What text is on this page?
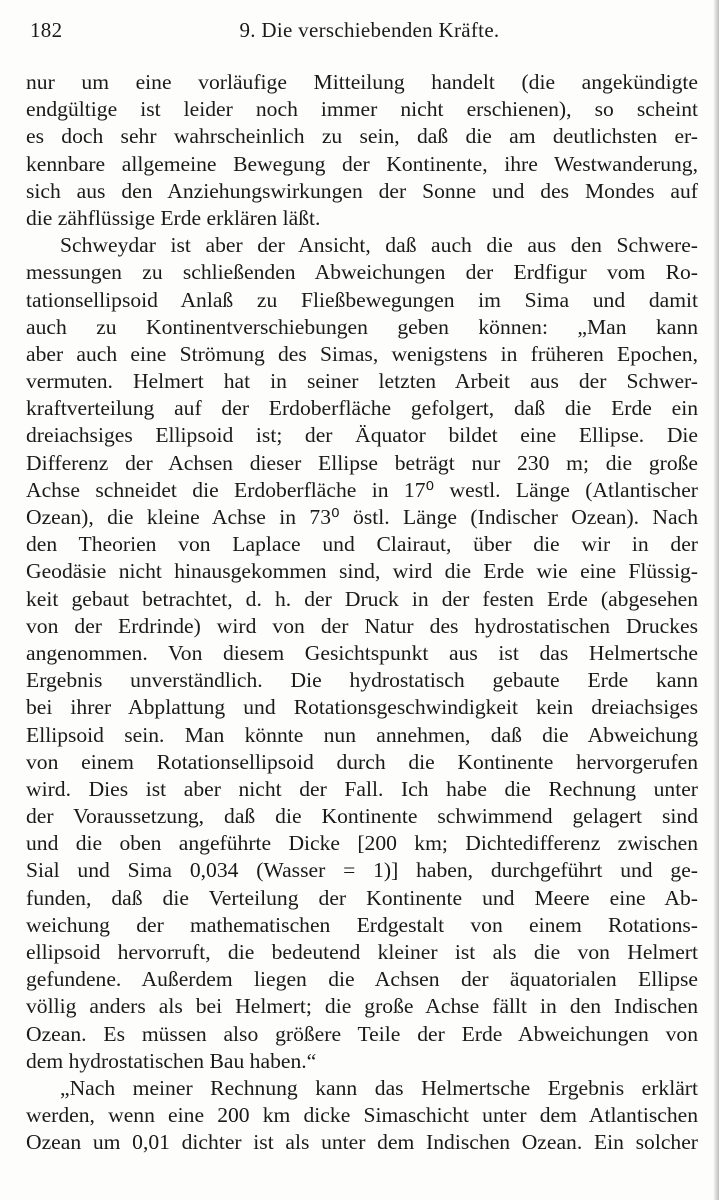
182	9. Die verschiebenden Kräfte.
nur um eine vorläufige Mitteilung handelt (die angekündigte
endgültige ist leider noch immer nicht erschienen), so scheint
es doch sehr wahrscheinlich zu sein, daß die am deutlichsten er-
kennbare allgemeine Bewegung der Kontinente, ihre Westwanderung,
sich aus den Anziehungswirkungen der Sonne und des Mondes auf
die zähflüssige Erde erklären läßt.
Schweydar ist aber der Ansicht, daß auch die aus den Schwere-
messungen zu schließenden Abweichungen der Erdfigur vom Ro-
tationsellipsoid Anlaß zu Fließbewegungen im Sima und damit
auch zu Kontinentverschiebungen geben können: „Man kann
aber auch eine Strömung des Simas, wenigstens in früheren Epochen,
vermuten. Helmert hat in seiner letzten Arbeit aus der Schwer-
kraftverteilung auf der Erdoberfläche gefolgert, daß die Erde ein
dreiachsiges Ellipsoid ist; der Äquator bildet eine Ellipse. Die
Differenz der Achsen dieser Ellipse beträgt nur 230 m; die große
Achse schneidet die Erdoberfläche in 17⁰ westl. Länge (Atlantischer
Ozean), die kleine Achse in 73⁰ östl. Länge (Indischer Ozean). Nach
den Theorien von Laplace und Clairaut, über die wir in der
Geodäsie nicht hinausgekommen sind, wird die Erde wie eine Flüssig-
keit gebaut betrachtet, d. h. der Druck in der festen Erde (abgesehen
von der Erdrinde) wird von der Natur des hydrostatischen Druckes
angenommen. Von diesem Gesichtspunkt aus ist das Helmertsche
Ergebnis unverständlich. Die hydrostatisch gebaute Erde kann
bei ihrer Abplattung und Rotationsgeschwindigkeit kein dreiachsiges
Ellipsoid sein. Man könnte nun annehmen, daß die Abweichung
von einem Rotationsellipsoid durch die Kontinente hervorgerufen
wird. Dies ist aber nicht der Fall. Ich habe die Rechnung unter
der Voraussetzung, daß die Kontinente schwimmend gelagert sind
und die oben angeführte Dicke [200 km; Dichtedifferenz zwischen
Sial und Sima 0,034 (Wasser = 1)] haben, durchgeführt und ge-
funden, daß die Verteilung der Kontinente und Meere eine Ab-
weichung der mathematischen Erdgestalt von einem Rotations-
ellipsoid hervorruft, die bedeutend kleiner ist als die von Helmert
gefundene. Außerdem liegen die Achsen der äquatorialen Ellipse
völlig anders als bei Helmert; die große Achse fällt in den Indischen
Ozean. Es müssen also größere Teile der Erde Abweichungen von
dem hydrostatischen Bau haben.“
„Nach meiner Rechnung kann das Helmertsche Ergebnis erklärt
werden, wenn eine 200 km dicke Simaschicht unter dem Atlantischen
Ozean um 0,01 dichter ist als unter dem Indischen Ozean. Ein solcher
